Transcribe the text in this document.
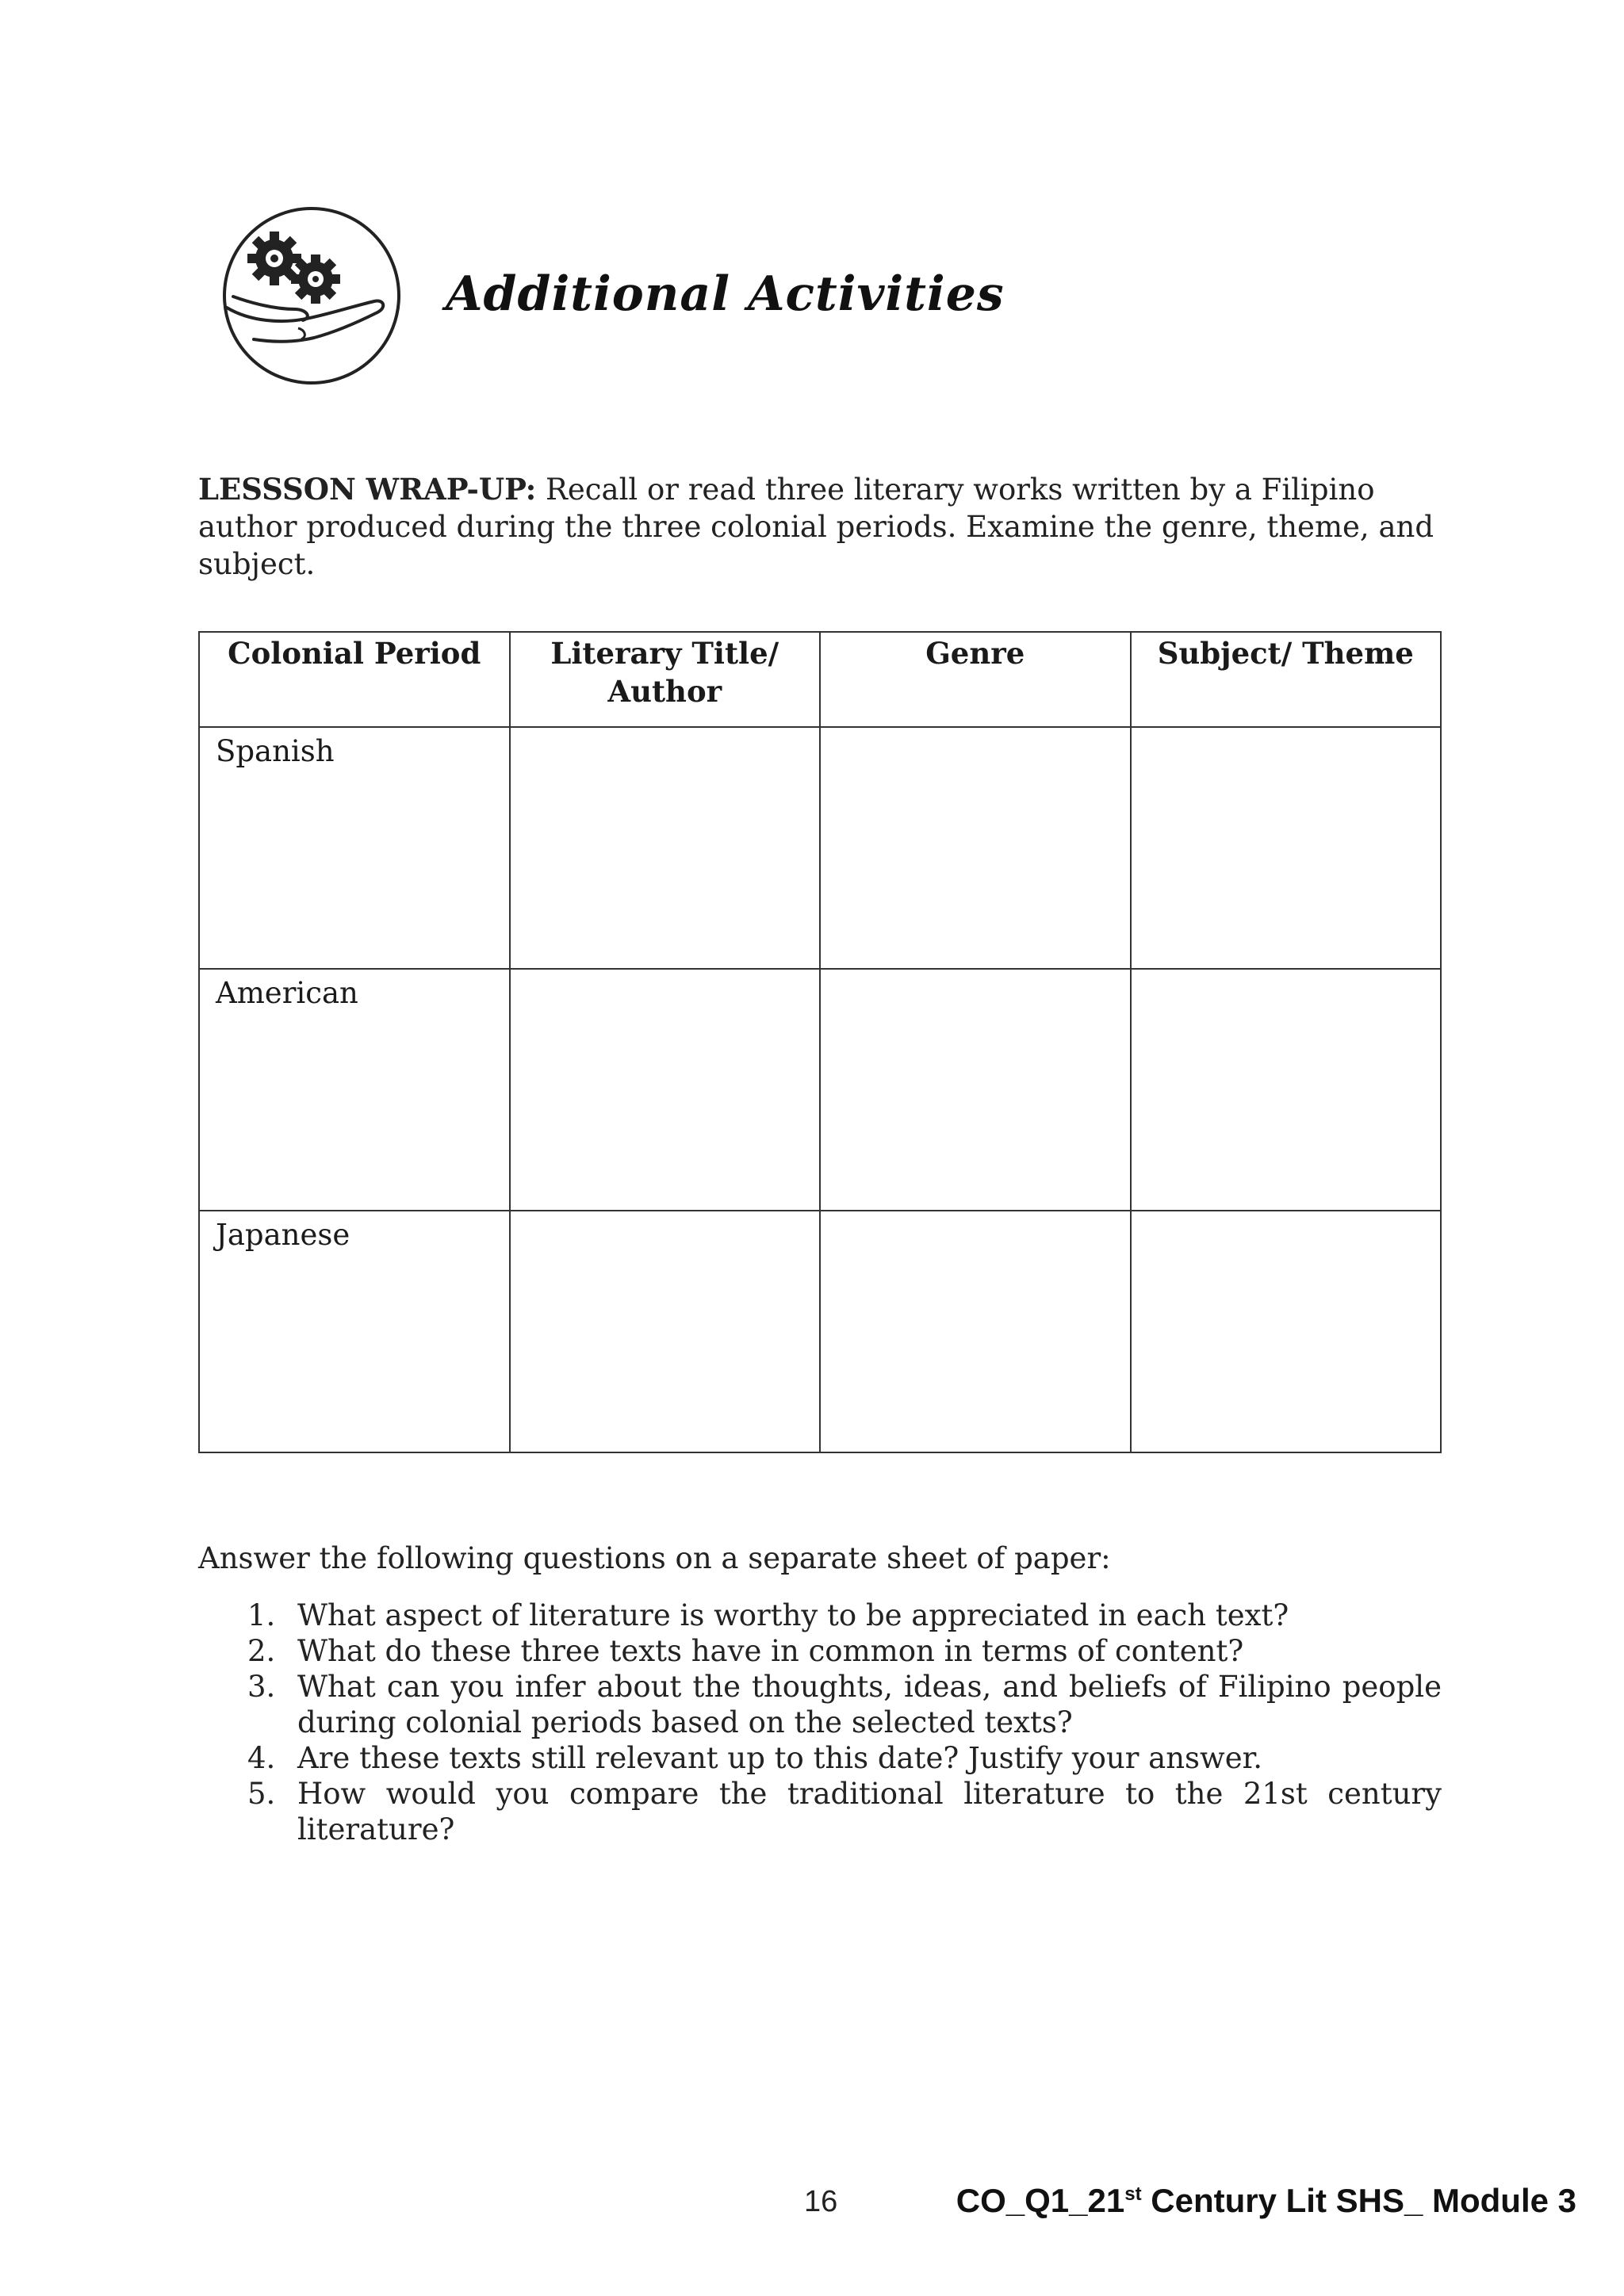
Additional Activities
LESSSON WRAP-UP: Recall or read three literary works written by a Filipino author produced during the three colonial periods. Examine the genre, theme, and subject.
Colonial Period	Literary Title/ Author	Genre	Subject/ Theme
Spanish			
American			
Japanese			
Answer the following questions on a separate sheet of paper:
1. What aspect of literature is worthy to be appreciated in each text?
2. What do these three texts have in common in terms of content?
3. What can you infer about the thoughts, ideas, and beliefs of Filipino people during colonial periods based on the selected texts?
4. Are these texts still relevant up to this date? Justify your answer.
5. How would you compare the traditional literature to the 21st century literature?
16	CO_Q1_21st Century Lit SHS_ Module 3
